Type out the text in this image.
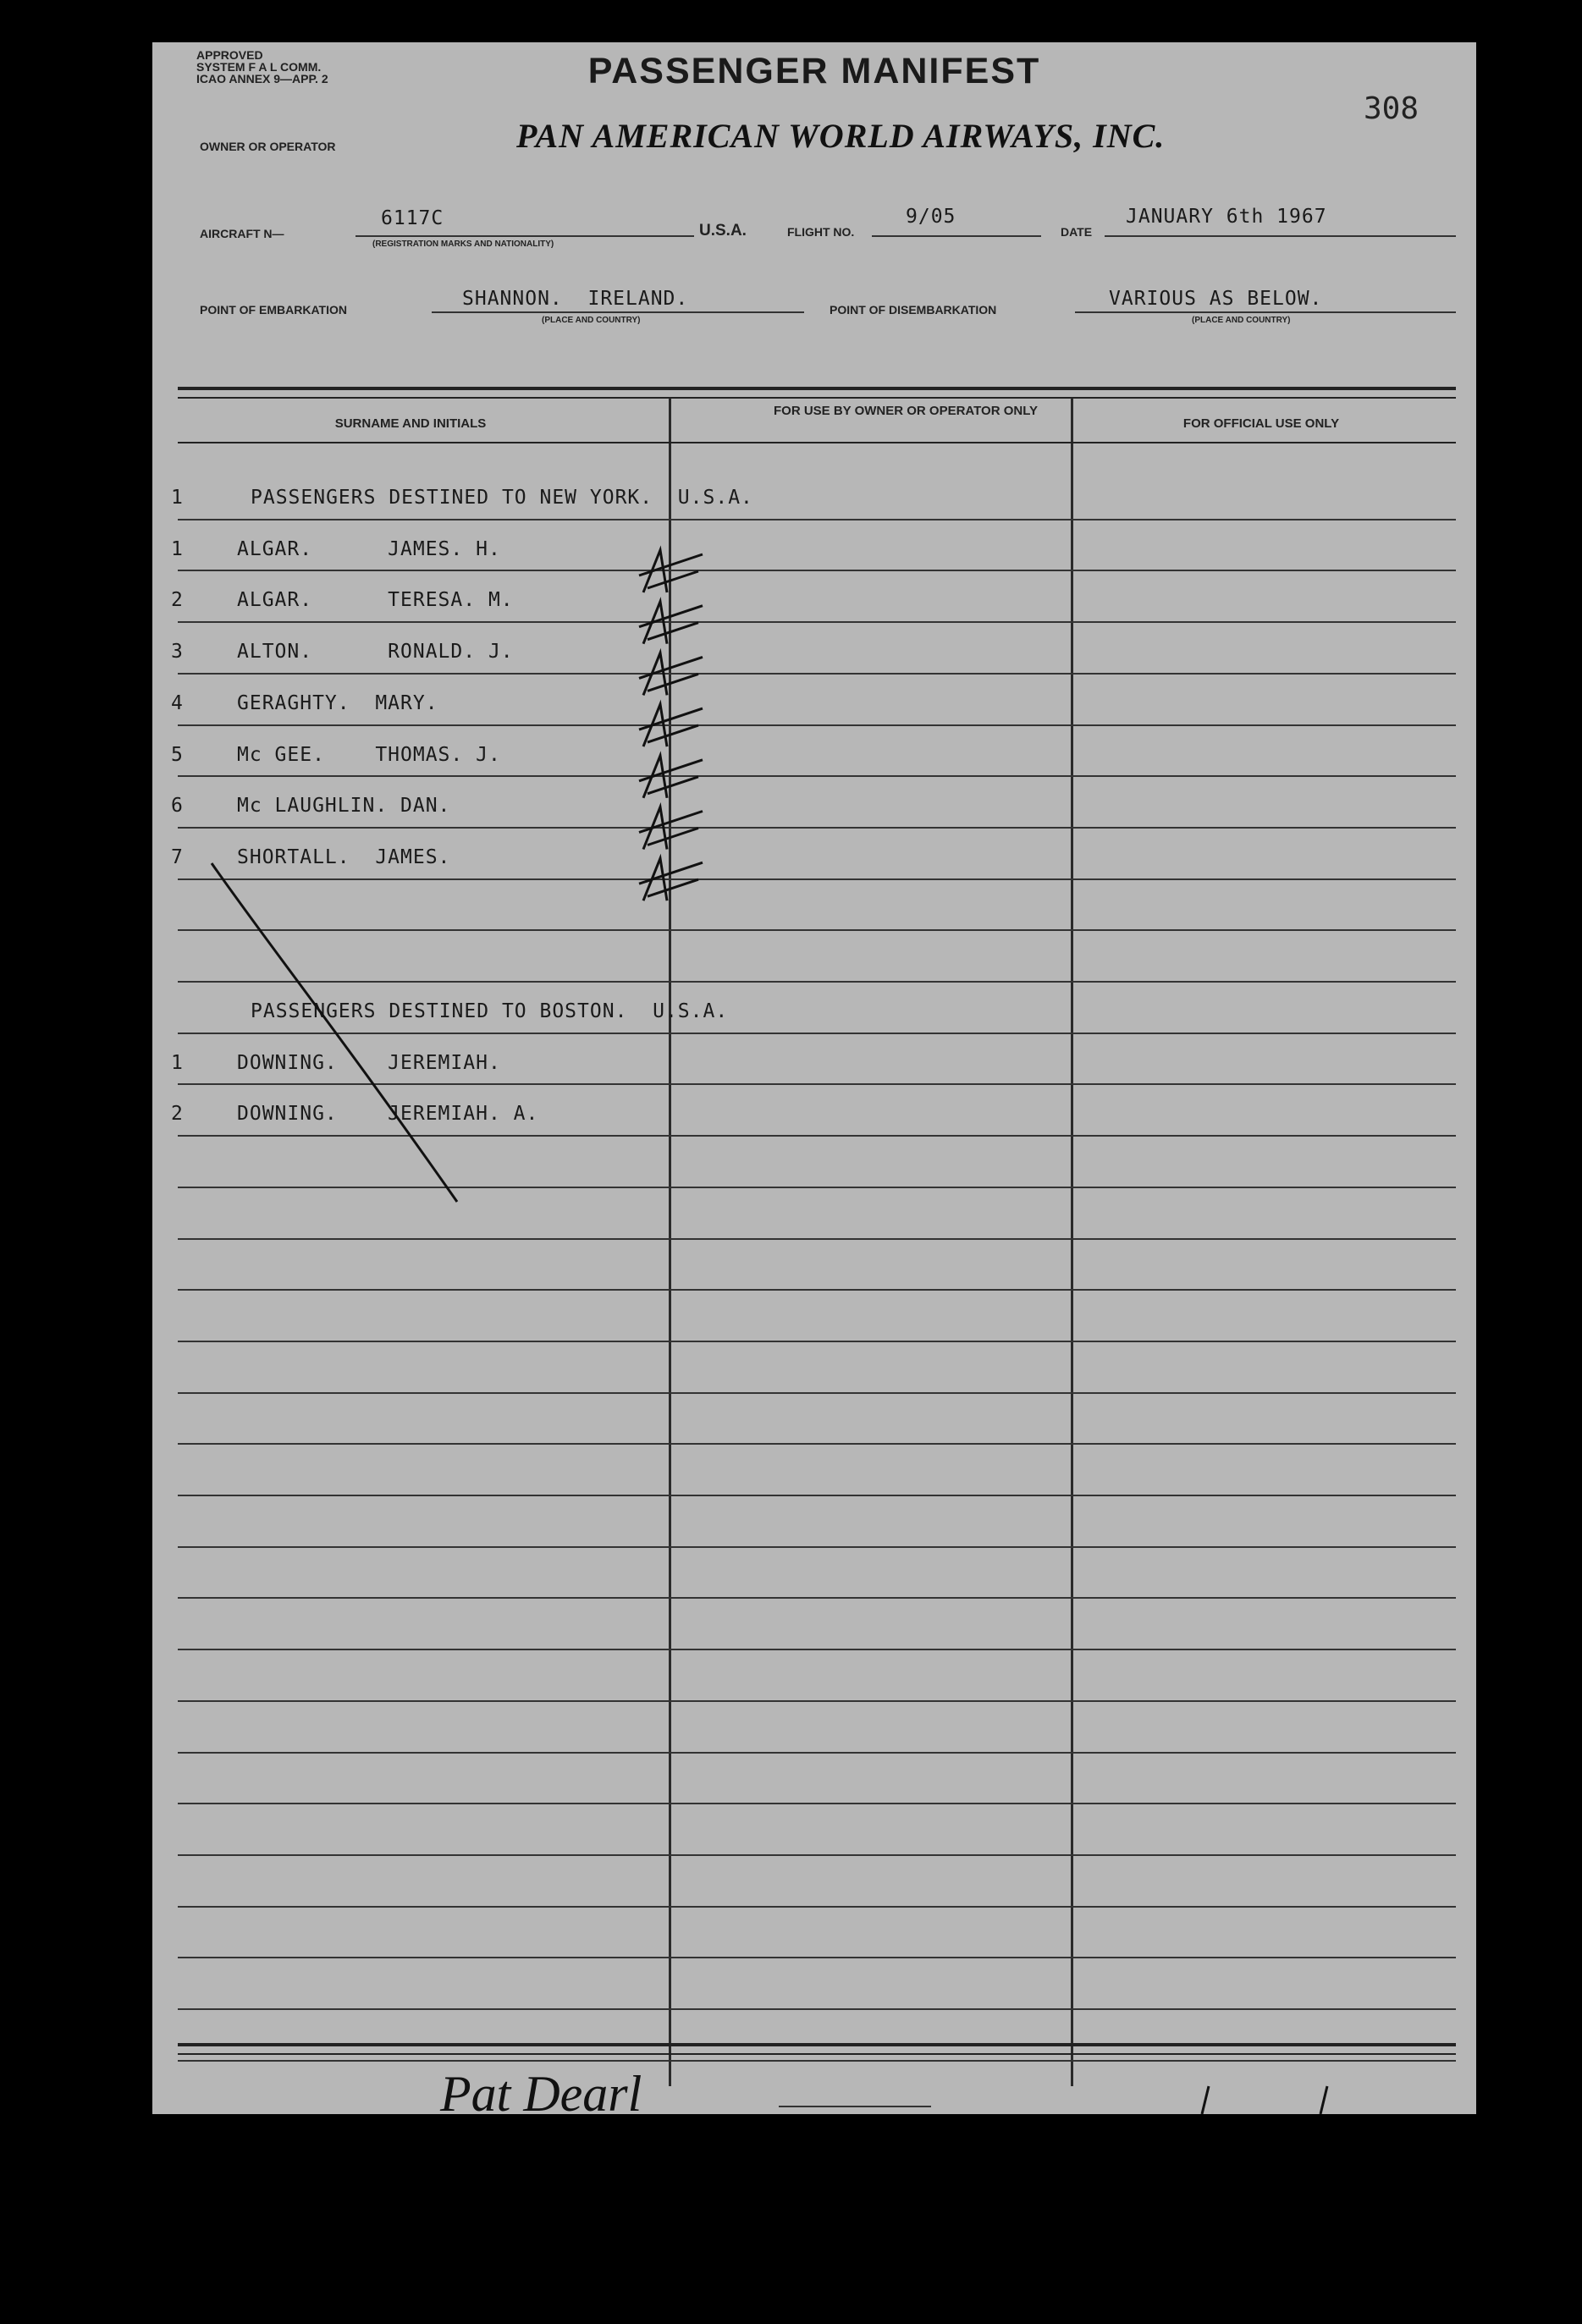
APPROVED
SYSTEM F A L COMM.
ICAO ANNEX 9—APP. 2	PASSENGER MANIFEST
308
OWNER OR OPERATOR	PAN AMERICAN WORLD AIRWAYS, INC.
AIRCRAFT N—
6117C
(REGISTRATION MARKS AND NATIONALITY)
U.S.A.	FLIGHT NO.
9/05
DATE
JANUARY 6th 1967
POINT OF EMBARKATION	SHANNON.  IRELAND.
(PLACE AND COUNTRY)
POINT OF DISEMBARKATION	VARIOUS AS BELOW.
(PLACE AND COUNTRY)
SURNAME AND INITIALS
FOR USE BY OWNER OR OPERATOR ONLY
FOR OFFICIAL USE ONLY
1	PASSENGERS DESTINED TO NEW YORK.  U.S.A.
1	ALGAR.      JAMES. H.
2	ALGAR.      TERESA. M.
3	ALTON.      RONALD. J.
4	GERAGHTY.  MARY.
5	Mc GEE.    THOMAS. J.
6	Mc LAUGHLIN. DAN.
7	SHORTALL.  JAMES.
PASSENGERS DESTINED TO BOSTON.  U.S.A.
1	DOWNING.    JEREMIAH.
2	DOWNING.    JEREMIAH. A.
Pat Dearl
